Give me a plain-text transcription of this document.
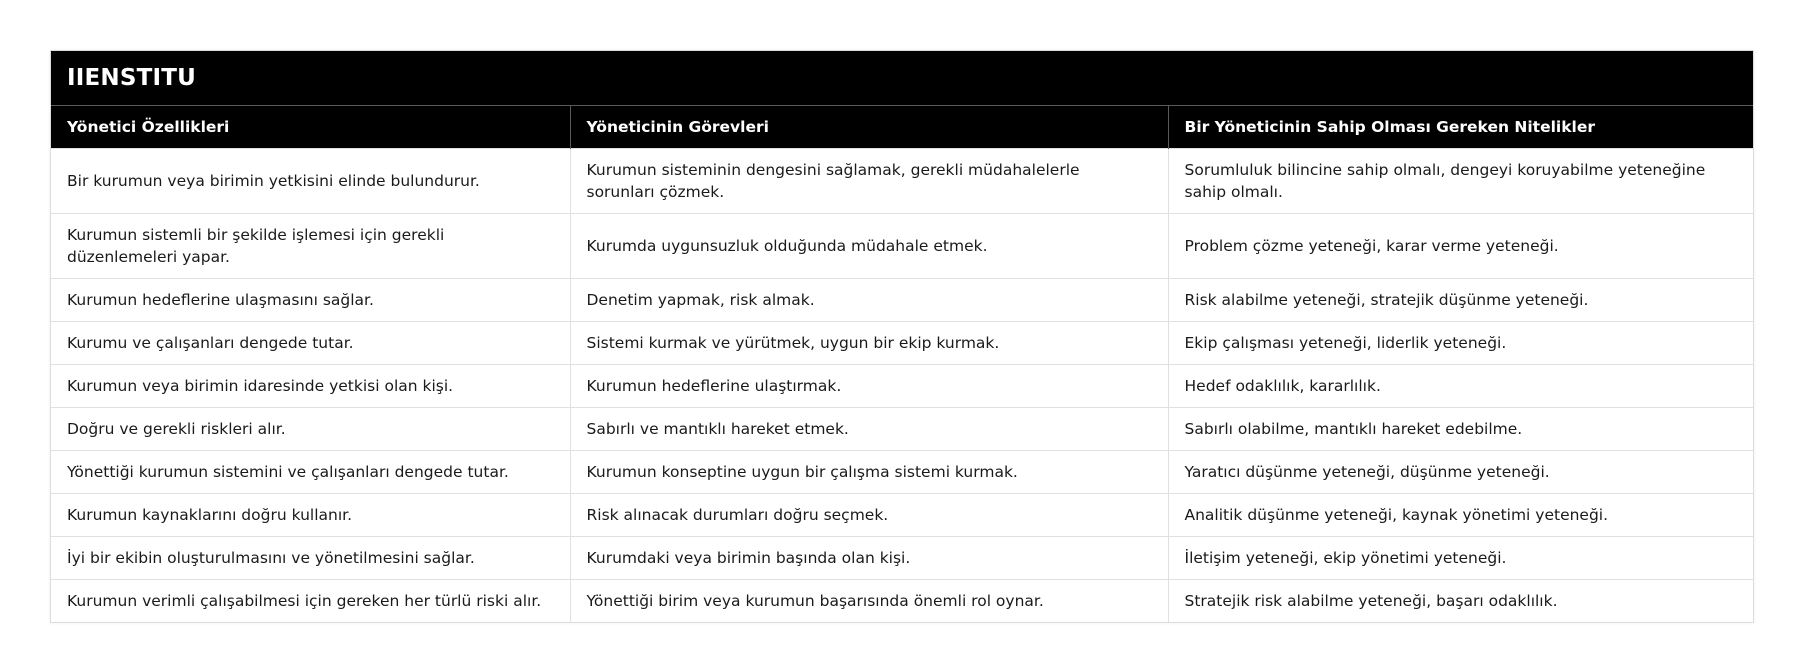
IIENSTITU
Yönetici Özellikleri	Yöneticinin Görevleri	Bir Yöneticinin Sahip Olması Gereken Nitelikler
Bir kurumun veya birimin yetkisini elinde bulundurur.	Kurumun sisteminin dengesini sağlamak, gerekli müdahalelerle sorunları çözmek.	Sorumluluk bilincine sahip olmalı, dengeyi koruyabilme yeteneğine sahip olmalı.
Kurumun sistemli bir şekilde işlemesi için gerekli düzenlemeleri yapar.	Kurumda uygunsuzluk olduğunda müdahale etmek.	Problem çözme yeteneği, karar verme yeteneği.
Kurumun hedeflerine ulaşmasını sağlar.	Denetim yapmak, risk almak.	Risk alabilme yeteneği, stratejik düşünme yeteneği.
Kurumu ve çalışanları dengede tutar.	Sistemi kurmak ve yürütmek, uygun bir ekip kurmak.	Ekip çalışması yeteneği, liderlik yeteneği.
Kurumun veya birimin idaresinde yetkisi olan kişi.	Kurumun hedeflerine ulaştırmak.	Hedef odaklılık, kararlılık.
Doğru ve gerekli riskleri alır.	Sabırlı ve mantıklı hareket etmek.	Sabırlı olabilme, mantıklı hareket edebilme.
Yönettiği kurumun sistemini ve çalışanları dengede tutar.	Kurumun konseptine uygun bir çalışma sistemi kurmak.	Yaratıcı düşünme yeteneği, düşünme yeteneği.
Kurumun kaynaklarını doğru kullanır.	Risk alınacak durumları doğru seçmek.	Analitik düşünme yeteneği, kaynak yönetimi yeteneği.
İyi bir ekibin oluşturulmasını ve yönetilmesini sağlar.	Kurumdaki veya birimin başında olan kişi.	İletişim yeteneği, ekip yönetimi yeteneği.
Kurumun verimli çalışabilmesi için gereken her türlü riski alır.	Yönettiği birim veya kurumun başarısında önemli rol oynar.	Stratejik risk alabilme yeteneği, başarı odaklılık.
